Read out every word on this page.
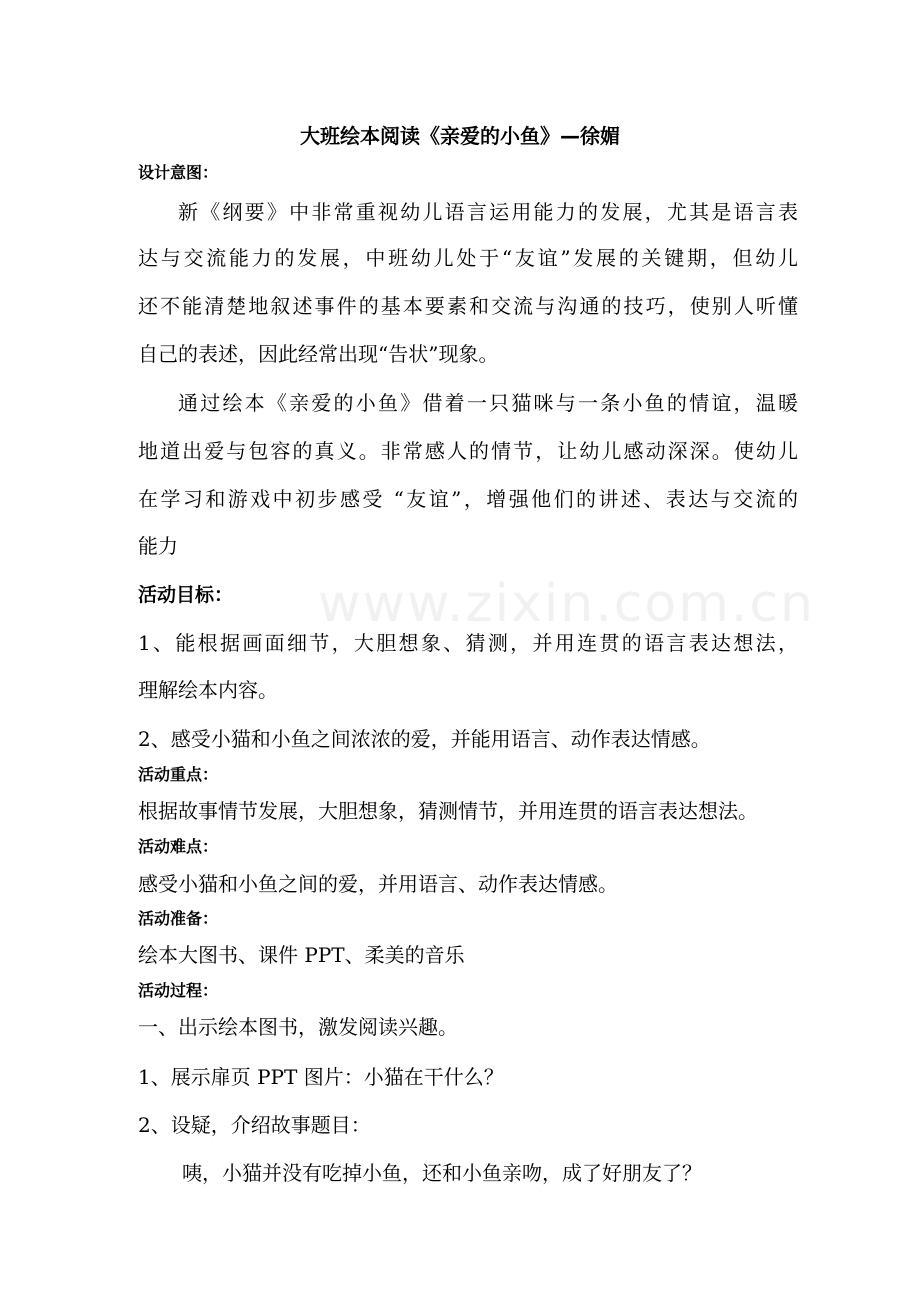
www.zixin.com.cn
大班绘本阅读《亲爱的小鱼》—徐媚
设计意图：
新《纲要》中非常重视幼儿语言运用能力的发展，尤其是语言表
达与交流能力的发展，中班幼儿处于“友谊”发展的关键期，但幼儿
还不能清楚地叙述事件的基本要素和交流与沟通的技巧，使别人听懂
自己的表述，因此经常出现“告状”现象。
通过绘本《亲爱的小鱼》借着一只猫咪与一条小鱼的情谊，温暖
地道出爱与包容的真义。非常感人的情节，让幼儿感动深深。使幼儿
在学习和游戏中初步感受 “友谊”，增强他们的讲述、表达与交流的
能力
活动目标：
1、能根据画面细节，大胆想象、猜测，并用连贯的语言表达想法，
理解绘本内容。
2、感受小猫和小鱼之间浓浓的爱，并能用语言、动作表达情感。
活动重点：
根据故事情节发展，大胆想象，猜测情节，并用连贯的语言表达想法。
活动难点：
感受小猫和小鱼之间的爱，并用语言、动作表达情感。
活动准备：
绘本大图书、课件 PPT、柔美的音乐
活动过程：
一、出示绘本图书，激发阅读兴趣。
1、展示扉页 PPT 图片：小猫在干什么？
2、设疑，介绍故事题目：
咦，小猫并没有吃掉小鱼，还和小鱼亲吻，成了好朋友了？
